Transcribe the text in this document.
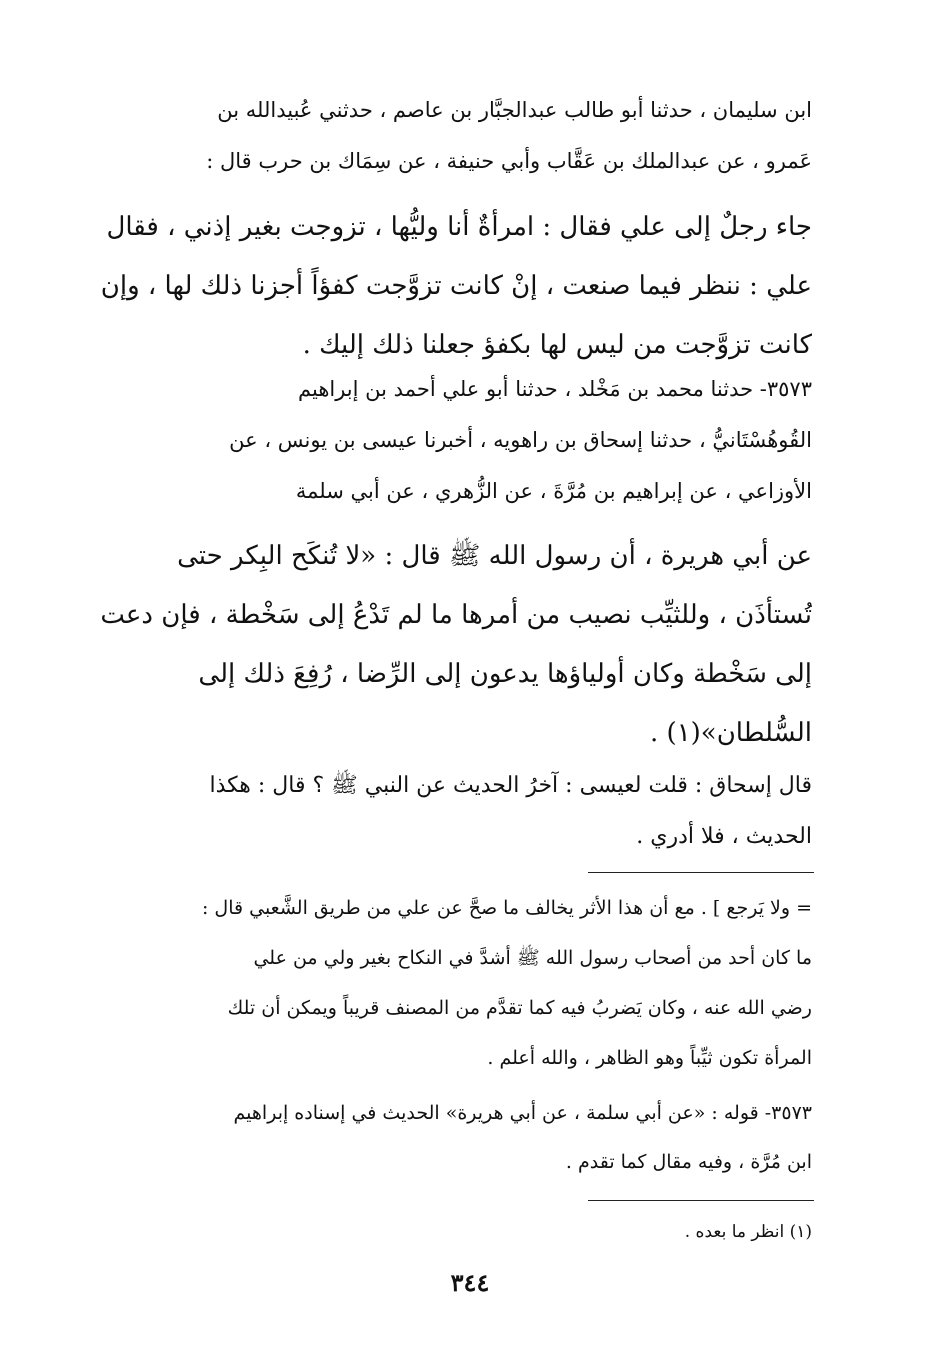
ابن سليمان ، حدثنا أبو طالب عبدالجبَّار بن عاصم ، حدثني عُبيدالله بن
عَمرو ، عن عبدالملك بن عَقَّاب وأبي حنيفة ، عن سِمَاك بن حرب قال :

جاء رجلٌ إلى علي فقال : امرأةٌ أنا وليُّها ، تزوجت بغير إذني ، فقال
علي : ننظر فيما صنعت ، إنْ كانت تزوَّجت كفؤاً أجزنا ذلك لها ، وإن
كانت تزوَّجت من ليس لها بكفؤ جعلنا ذلك إليك .

٣٥٧٣- حدثنا محمد بن مَخْلد ، حدثنا أبو علي أحمد بن إبراهيم
القُوهُسْتَانيُّ ، حدثنا إسحاق بن راهويه ، أخبرنا عيسى بن يونس ، عن
الأوزاعي ، عن إبراهيم بن مُرَّةَ ، عن الزُّهري ، عن أبي سلمة

عن أبي هريرة ، أن رسول الله ﷺ قال : «لا تُنكَح البِكر حتى
تُستأذَن ، وللثيِّب نصيب من أمرها ما لم تَدْعُ إلى سَخْطة ، فإن دعت
إلى سَخْطة وكان أولياؤها يدعون إلى الرِّضا ، رُفِعَ ذلك إلى
السُّلطان»(١) .

قال إسحاق : قلت لعيسى : آخرُ الحديث عن النبي ﷺ ؟ قال : هكذا
الحديث ، فلا أدري .

= ولا يَرجع ] . مع أن هذا الأثر يخالف ما صحَّ عن علي من طريق الشَّعبي قال :
ما كان أحد من أصحاب رسول الله ﷺ أشدَّ في النكاح بغير ولي من علي
رضي الله عنه ، وكان يَضربُ فيه كما تقدَّم من المصنف قريباً ويمكن أن تلك
المرأة تكون ثيِّباً وهو الظاهر ، والله أعلم .

٣٥٧٣- قوله : «عن أبي سلمة ، عن أبي هريرة» الحديث في إسناده إبراهيم
ابن مُرَّة ، وفيه مقال كما تقدم .

(١) انظر ما بعده .

٣٤٤
